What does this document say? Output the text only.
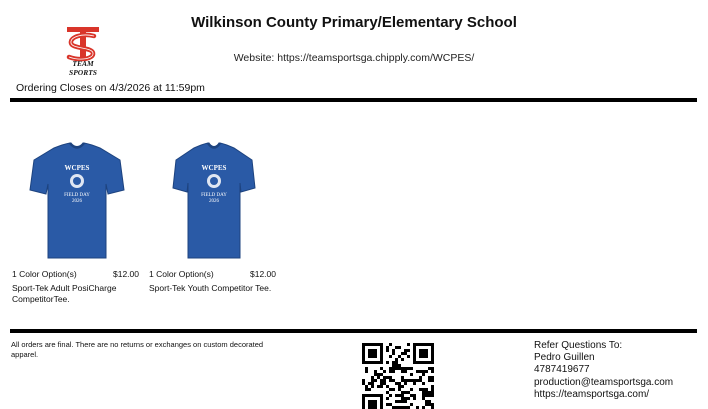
TEAM SPORTS
Wilkinson County Primary/Elementary School
Website: https://teamsportsga.chipply.com/WCPES/
Ordering Closes on 4/3/2026 at 11:59pm
WCPES
FIELD DAY
2026
1 Color Option(s)	$12.00
Sport-Tek Adult PosiCharge CompetitorTee.
WCPES
FIELD DAY
2026
1 Color Option(s)	$12.00
Sport-Tek Youth Competitor Tee.
All orders are final. There are no returns or exchanges on custom decorated apparel.
Refer Questions To:
Pedro Guillen
4787419677
production@teamsportsga.com
https://teamsportsga.com/
